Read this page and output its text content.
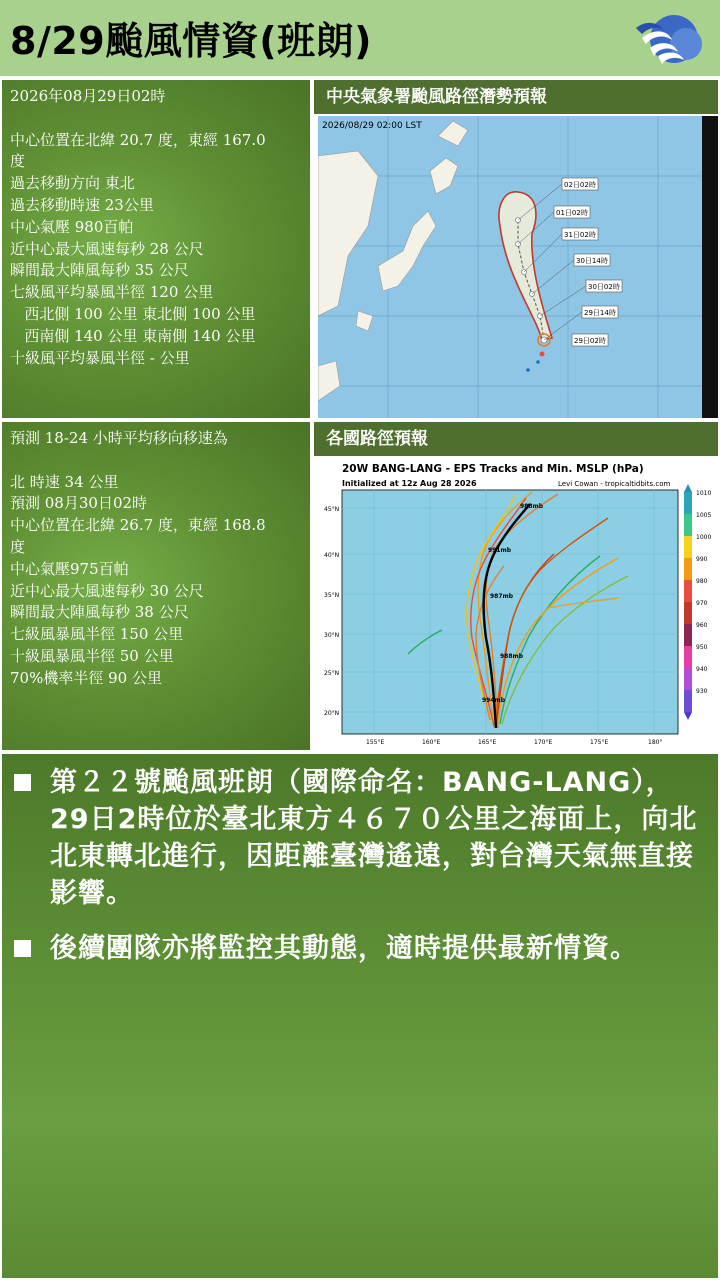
8/29颱風情資(班朗)
2026年08月29日02時
中心位置在北緯 20.7 度，東經 167.0
度
過去移動方向 東北
過去移動時速 23公里
中心氣壓 980百帕
近中心最大風速每秒 28 公尺
瞬間最大陣風每秒 35 公尺
七級風平均暴風半徑 120 公里
西北側 100 公里 東北側 100 公里
西南側 140 公里 東南側 140 公里
十級風平均暴風半徑 - 公里
中央氣象署颱風路徑潛勢預報
2026/08/29 02:00 LST
02日02時
01日02時
31日02時
30日14時
30日02時
29日14時
29日02時
預測 18-24 小時平均移向移速為
北 時速 34 公里
預測 08月30日02時
中心位置在北緯 26.7 度，東經 168.8
度
中心氣壓975百帕
近中心最大風速每秒 30 公尺
瞬間最大陣風每秒 38 公尺
七級風暴風半徑 150 公里
十級風暴風半徑 50 公里
70%機率半徑 90 公里
各國路徑預報
20W BANG-LANG - EPS Tracks and Min. MSLP (hPa)
Initialized at 12z Aug 28 2026	Levi Cowan - tropicaltidbits.com
45°N
40°N
35°N
30°N
25°N
20°N
155°E	160°E	165°E	170°E	175°E	180°
988mb
991mb
987mb
988mb
994mb
1010
1005
1000
990
980
970
960
950
940
930
第２２號颱風班朗（國際命名：BANG-LANG），29日2時位於臺北東方４６７０公里之海面上，向北北東轉北進行，因距離臺灣遙遠，對台灣天氣無直接影響。
後續團隊亦將監控其動態，適時提供最新情資。
